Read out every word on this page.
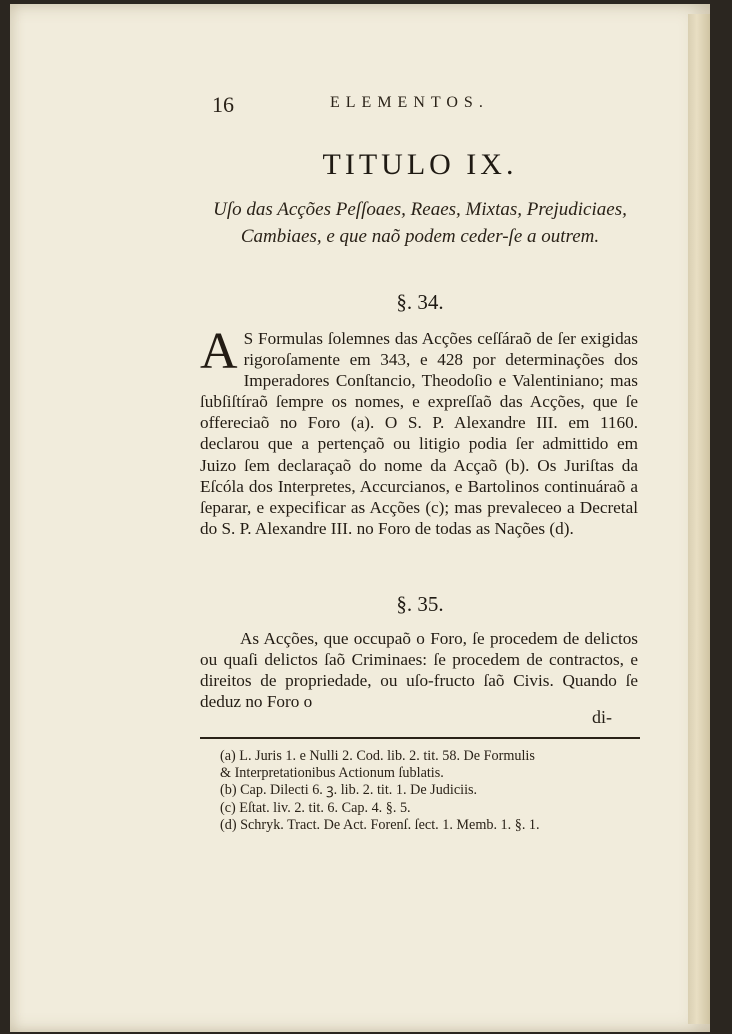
16	ELEMENTOS.
TITULO IX.
Uſo das Acções Peſſoaes, Reaes, Mixtas, Prejudiciaes, Cambiaes, e que naõ podem ceder-ſe a outrem.
§. 34.
A S Formulas ſolemnes das Acções ceſſáraõ de ſer exigidas rigoroſamente em 343, e 428 por determinações dos Imperadores Conſtancio, Theodoſio e Valentiniano; mas ſubſiſtíraõ ſempre os nomes, e expreſſaõ das Acções, que ſe offereciaõ no Foro (a). O S. P. Alexandre III. em 1160. declarou que a pertençaõ ou litigio podia ſer admittido em Juizo ſem declaraçaõ do nome da Acçaõ (b). Os Juriſtas da Eſcóla dos Interpretes, Accurcianos, e Bartolinos continuáraõ a ſeparar, e expecificar as Acções (c); mas prevaleceo a Decretal do S. P. Alexandre III. no Foro de todas as Nações (d).
§. 35.
As Acções, que occupaõ o Foro, ſe procedem de delictos ou quaſi delictos ſaõ Criminaes: ſe procedem de contractos, e direitos de propriedade, ou uſo-fructo ſaõ Civis. Quando ſe deduz no Foro o
di-
(a) L. Juris 1. e Nulli 2. Cod. lib. 2. tit. 58. De Formulis
& Interpretationibus Actionum ſublatis.
(b) Cap. Dilecti 6. ꝫ. lib. 2. tit. 1. De Judiciis.
(c) Eſtat. liv. 2. tit. 6. Cap. 4. §. 5.
(d) Schryk. Tract. De Act. Forenſ. ſect. 1. Memb. 1. §. 1.
